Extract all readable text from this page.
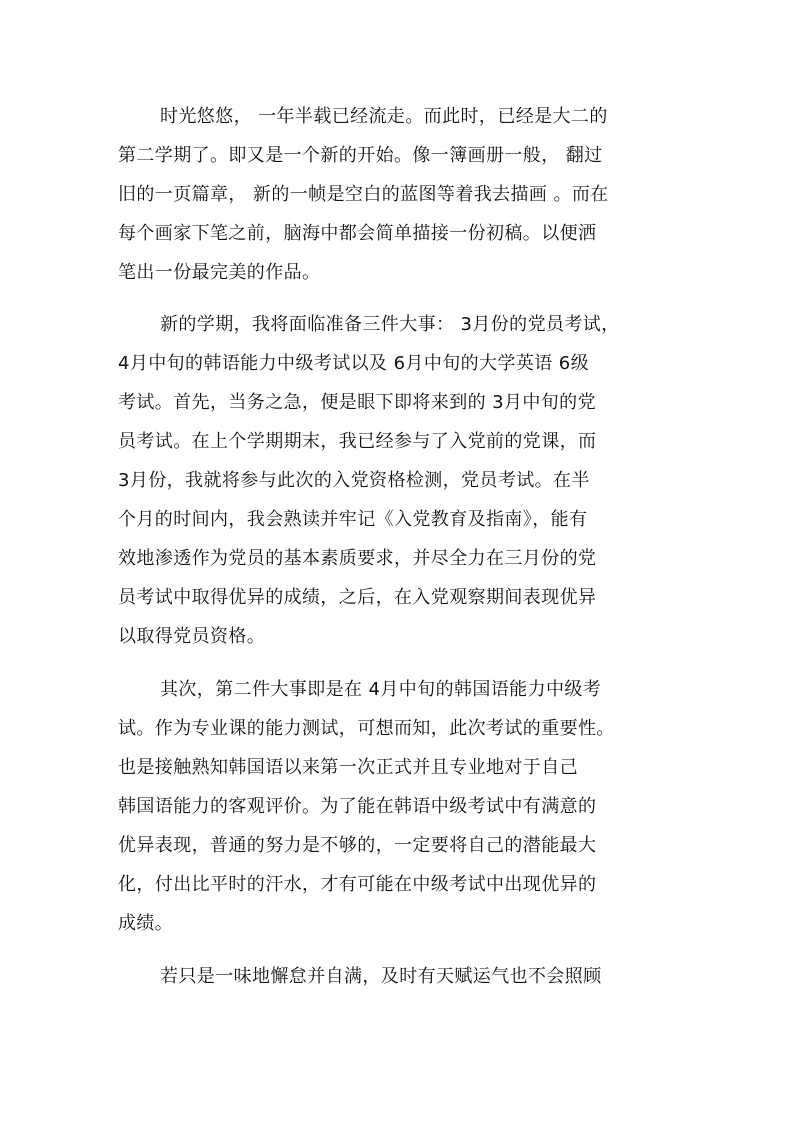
时光悠悠， 一年半载已经流走。而此时，已经是大二的
第二学期了。即又是一个新的开始。像一簿画册一般， 翻过
旧的一页篇章， 新的一帧是空白的蓝图等着我去描画 。而在
每个画家下笔之前，脑海中都会简单描接一份初稿。以便洒
笔出一份最完美的作品。
新的学期，我将面临准备三件大事： 3月份的党员考试，
4月中旬的韩语能力中级考试以及 6月中旬的大学英语 6级
考试。首先，当务之急，便是眼下即将来到的 3月中旬的党
员考试。在上个学期期末，我已经参与了入党前的党课，而
3月份，我就将参与此次的入党资格检测，党员考试。在半
个月的时间内，我会熟读并牢记《入党教育及指南》，能有
效地渗透作为党员的基本素质要求，并尽全力在三月份的党
员考试中取得优异的成绩，之后，在入党观察期间表现优异
以取得党员资格。
其次，第二件大事即是在 4月中旬的韩国语能力中级考
试。作为专业课的能力测试，可想而知，此次考试的重要性。
也是接触熟知韩国语以来第一次正式并且专业地对于自己
韩国语能力的客观评价。为了能在韩语中级考试中有满意的
优异表现，普通的努力是不够的，一定要将自己的潜能最大
化，付出比平时的汗水，才有可能在中级考试中出现优异的
成绩。
若只是一味地懈怠并自满，及时有天赋运气也不会照顾
